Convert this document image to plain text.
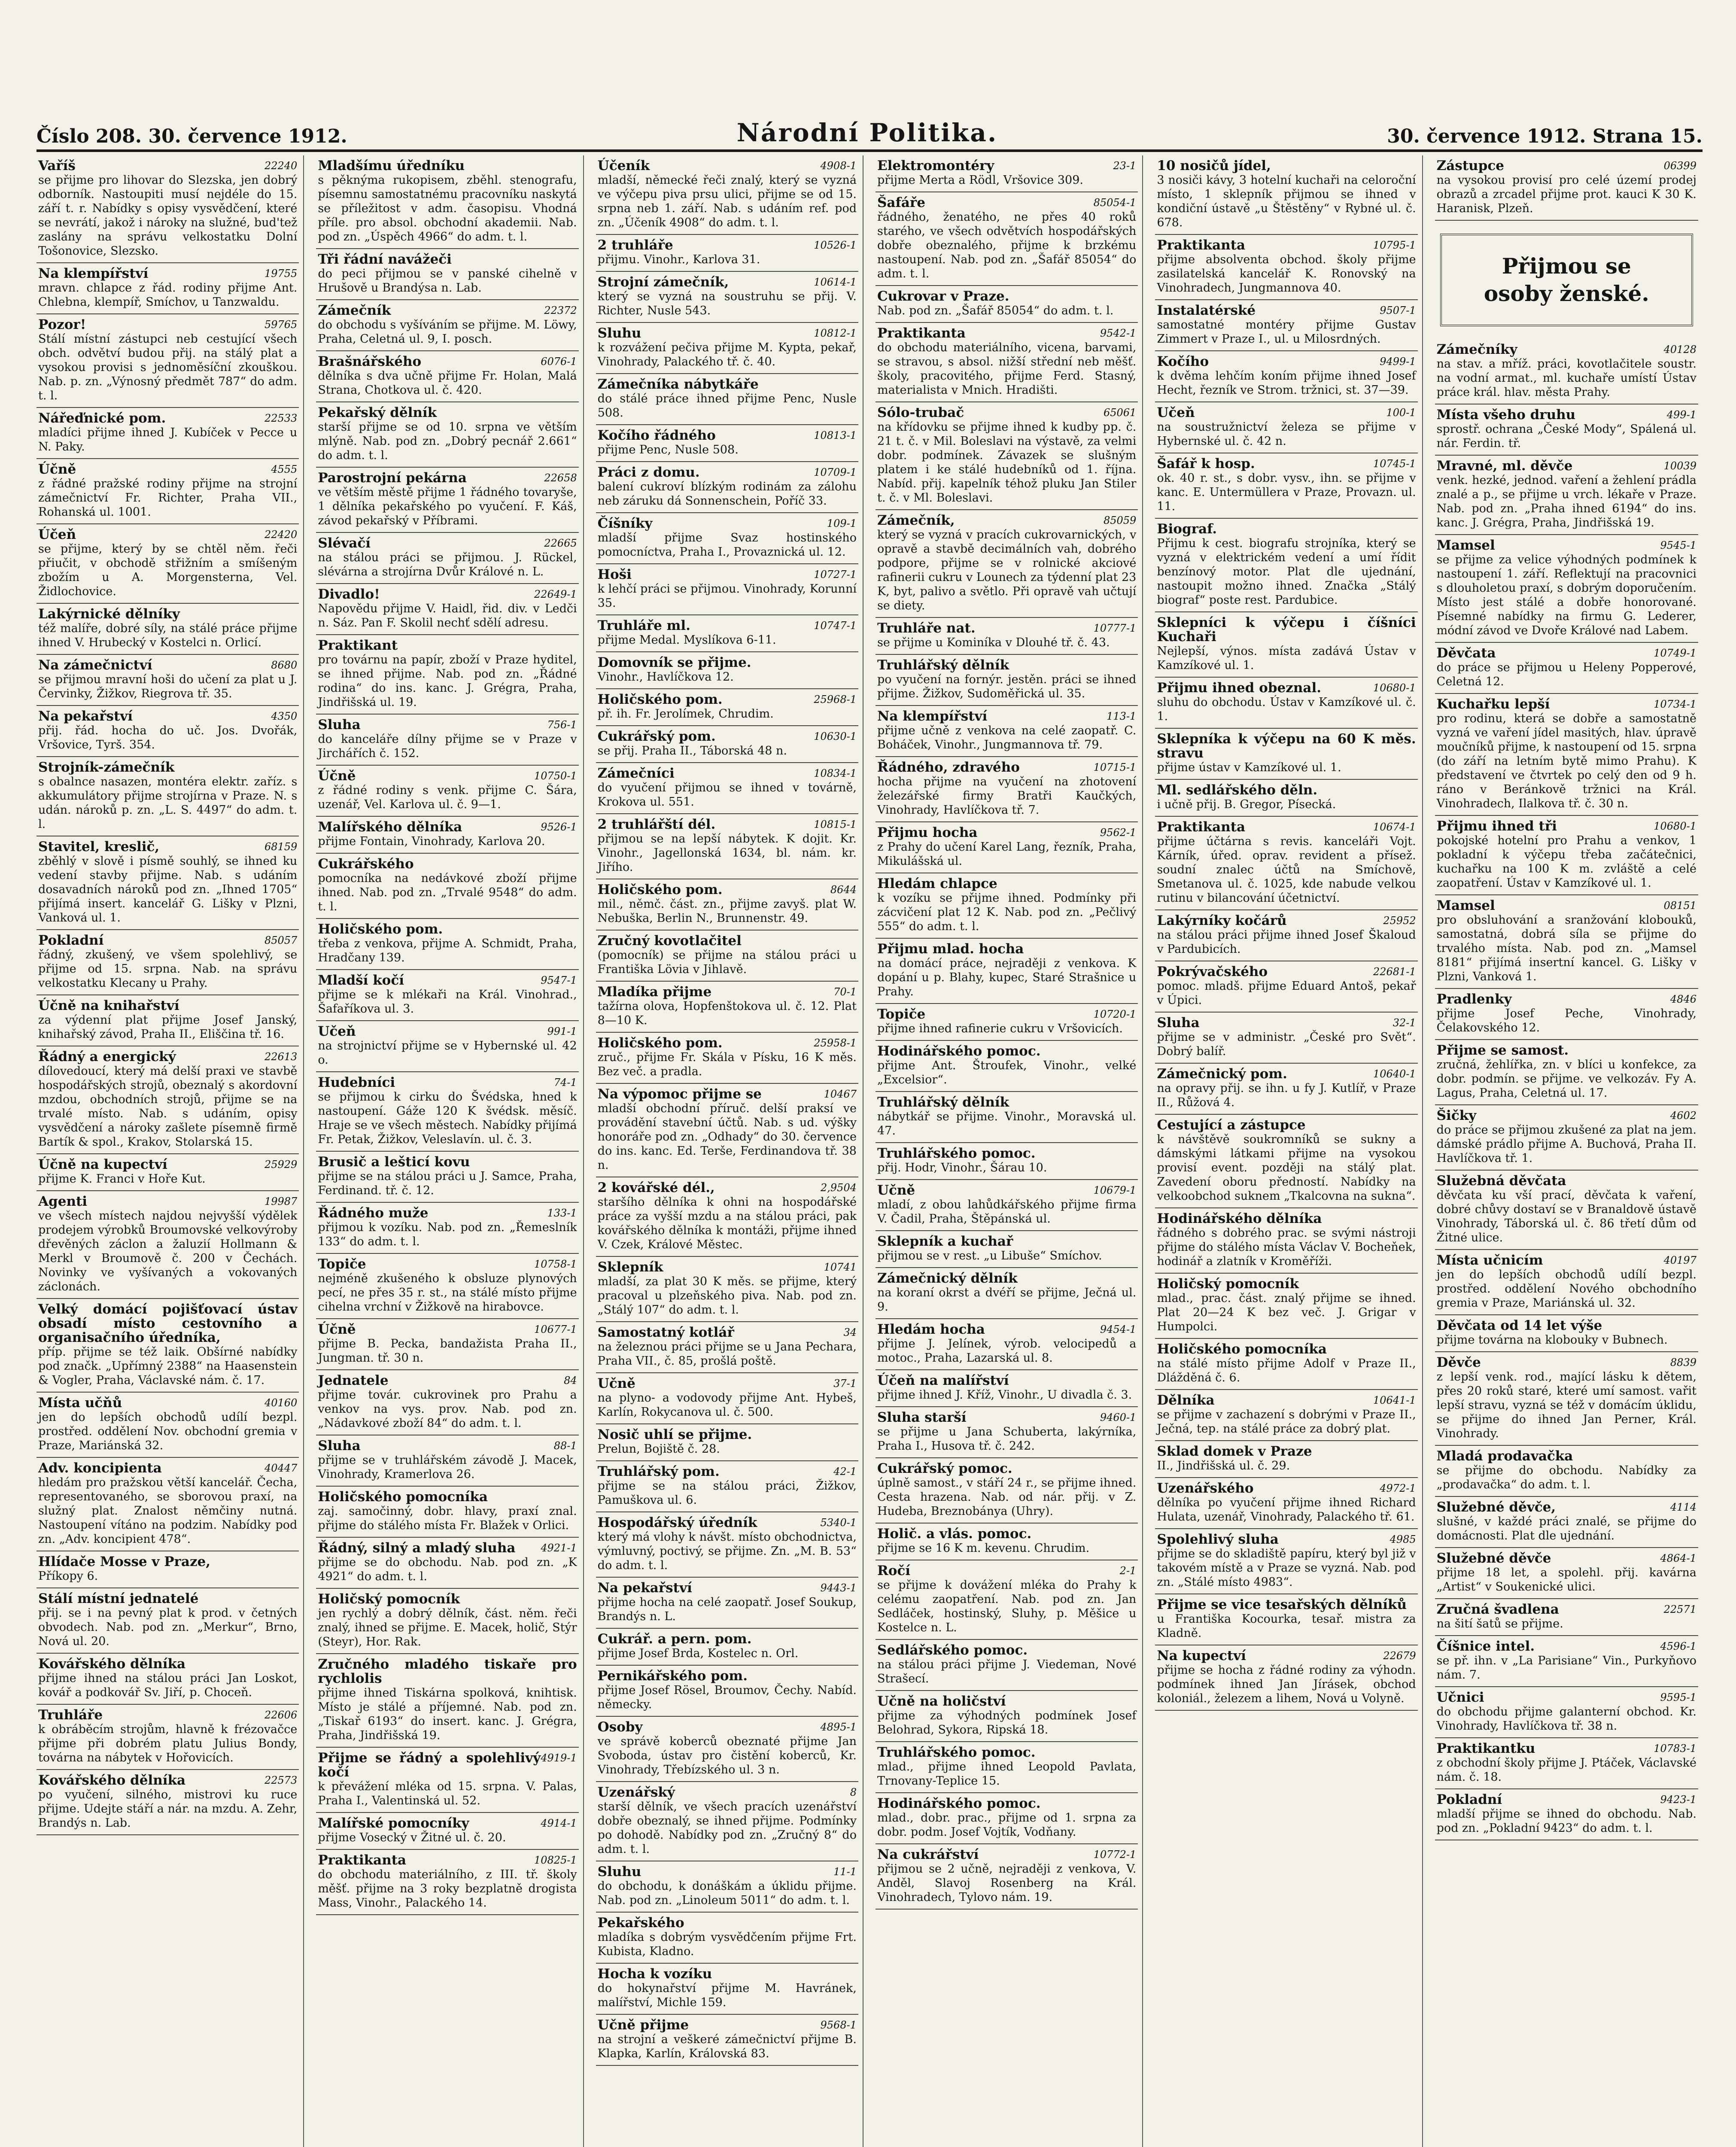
Číslo 208. 30. července 1912.	Národní Politika.	30. července 1912. Strana 15.
22240
Vaříš
se přijme pro lihovar do Slezska, jen dobrý odborník. Nastoupiti musí nejdéle do 15. září t. r. Nabídky s opisy vysvědčení, které se nevrátí, jakož i nároky na služné, bud'tež zaslány na správu velkostatku Dolní Tošonovice, Slezsko.
19755
Na klempířství
mravn. chlapce z řád. rodiny přijme Ant. Chlebna, klempíř, Smíchov, u Tanzwaldu.
59765
Pozor!
Stálí místní zástupci neb cestující všech obch. odvětví budou přij. na stálý plat a vysokou provisi s jednoměsíční zkouškou. Nab. p. zn. „Výnosný předmět 787“ do adm. t. l.
22533
Nářeďnické pom.
mladíci přijme ihned J. Kubíček v Pecce u N. Paky.
4555
Účně
z řádné pražské rodiny přijme na strojní zámečnictví Fr. Richter, Praha VII., Rohanská ul. 1001.
22420
Účeň
se přijme, který by se chtěl něm. řeči přiučit, v obchodě střižním a smíšeným zbožím u A. Morgensterna, Vel. Židlochovice.
Lakýrnické dělníky
též malíře, dobré síly, na stálé práce přijme ihned V. Hrubecký v Kostelci n. Orlicí.
8680
Na zámečnictví
se přijmou mravní hoši do učení za plat u J. Červinky, Žižkov, Riegrova tř. 35.
4350
Na pekařství
přij. řád. hocha do uč. Jos. Dvořák, Vršovice, Tyrš. 354.
Strojník-zámečník
s obalnce nasazen, montéra elektr. zaříz. s akkumulátory přijme strojírna v Praze. N. s udán. nároků p. zn. „L. S. 4497“ do adm. t. l.
68159
Stavitel, kreslič,
zběhlý v slově i písmě souhlý, se ihned ku vedení stavby přijme. Nab. s udáním dosavadních nároků pod zn. „Ihned 1705“ přijímá insert. kancelář G. Lišky v Plzni, Vanková ul. 1.
85057
Pokladní
řádný, zkušený, ve všem spolehlivý, se přijme od 15. srpna. Nab. na správu velkostatku Klecany u Prahy.
Účně na knihařství
za výdenní plat přijme Josef Janský, knihařský závod, Praha II., Eliščina tř. 16.
22613
Řádný a energický
dílovedoucí, který má delší praxi ve stavbě hospodářských strojů, obeznalý s akordovní mzdou, obchodních strojů, přijme se na trvalé místo. Nab. s udáním, opisy vysvědčení a nároky zašlete písemně firmě Bartík & spol., Krakov, Stolarská 15.
25929
Účně na kupectví
přijme K. Franci v Hoře Kut.
19987
Agenti
ve všech místech najdou nejvyšší výdělek prodejem výrobků Broumovské velkovýroby dřevěných záclon a žaluzií Hollmann & Merkl v Broumově č. 200 v Čechách. Novinky ve vyšívaných a vokovaných záclonách.
Velký domácí pojišťovací ústav obsadí místo cestovního a organisačního úředníka,
příp. přijme se též laik. Obšírné nabídky pod značk. „Upřímný 2388“ na Haasenstein & Vogler, Praha, Václavské nám. č. 17.
40160
Místa učňů
jen do lepších obchodů udílí bezpl. prostřed. oddělení Nov. obchodní gremia v Praze, Mariánská 32.
40447
Adv. koncipienta
hledám pro pražskou větší kancelář. Čecha, representovaného, se sborovou praxí, na služný plat. Znalost němčiny nutná. Nastoupení vítáno na podzim. Nabídky pod zn. „Adv. koncipient 478“.
Hlídače Mosse v Praze,
Příkopy 6.
Stálí místní jednatelé
přij. se i na pevný plat k prod. v četných obvodech. Nab. pod zn. „Merkur“, Brno, Nová ul. 20.
Kovářského dělníka
přijme ihned na stálou práci Jan Loskot, kovář a podkovář Sv. Jiří, p. Choceň.
22606
Truhláře
k obráběcím strojům, hlavně k frézovačce přijme při dobrém platu Julius Bondy, továrna na nábytek v Hořovicích.
22573
Kovářského dělníka
po vyučení, silného, mistrovi ku ruce přijme. Udejte stáří a nár. na mzdu. A. Zehr, Brandýs n. Lab.
Mladšímu úředníku
s pěknýma rukopisem, zběhl. stenografu, písemnu samostatnému pracovníku naskytá se příležitost v adm. časopisu. Vhodná příle. pro absol. obchodní akademii. Nab. pod zn. „Úspěch 4966“ do adm. t. l.
Tři řádní navážeči
do peci přijmou se v panské cihelně v Hrušově u Brandýsa n. Lab.
22372
Zámečník
do obchodu s vyšíváním se přijme. M. Löwy, Praha, Celetná ul. 9, I. posch.
6076-1
Brašnářského
dělníka s dva učně přijme Fr. Holan, Malá Strana, Chotkova ul. č. 420.
Pekařský dělník
starší přijme se od 10. srpna ve větším mlýně. Nab. pod zn. „Dobrý pecnář 2.661“ do adm. t. l.
22658
Parostrojní pekárna
ve větším městě přijme 1 řádného tovaryše, 1 dělníka pekařského po vyučení. F. Káš, závod pekařský v Příbrami.
22665
Slévačí
na stálou práci se přijmou. J. Rückel, slévárna a strojírna Dvůr Králové n. L.
22649-1
Divadlo!
Napovědu přijme V. Haidl, řid. div. v Ledči n. Sáz. Pan F. Skolil nechť sdělí adresu.
Praktikant
pro továrnu na papír, zboží v Praze hyditel, se ihned přijme. Nab. pod zn. „Řádné rodina“ do ins. kanc. J. Grégra, Praha, Jindřišská ul. 19.
756-1
Sluha
do kanceláře dílny přijme se v Praze v Jirchářích č. 152.
10750-1
Účně
z řádné rodiny s venk. přijme C. Šára, uzenář, Vel. Karlova ul. č. 9—1.
9526-1
Malířského dělníka
přijme Fontain, Vinohrady, Karlova 20.
Cukrářského
pomocníka na nedávkové zboží přijme ihned. Nab. pod zn. „Trvalé 9548“ do adm. t. l.
Holičského pom.
třeba z venkova, přijme A. Schmidt, Praha, Hradčany 139.
9547-1
Mladší kočí
přijme se k mlékaři na Král. Vinohrad., Šafaříkova ul. 3.
991-1
Učeň
na strojnictví přijme se v Hybernské ul. 42 o.
74-1
Hudebníci
se přijmou k cirku do Švédska, hned k nastoupení. Gáže 120 K švédsk. měsíč. Hraje se ve všech městech. Nabídky přijímá Fr. Petak, Žižkov, Veleslavín. ul. č. 3.
Brusič a lešticí kovu
přijme se na stálou práci u J. Samce, Praha, Ferdinand. tř. č. 12.
133-1
Řádného muže
přijmou k vozíku. Nab. pod zn. „Řemeslník 133“ do adm. t. l.
10758-1
Topiče
nejméně zkušeného k obsluze plynových pecí, ne přes 35 r. st., na stálé místo přijme cihelna vrchní v Žižkově na hirabovce.
10677-1
Účně
přijme B. Pecka, bandažista Praha II., Jungman. tř. 30 n.
84
Jednatele
přijme továr. cukrovinek pro Prahu a venkov na vys. prov. Nab. pod zn. „Nádavkové zboží 84“ do adm. t. l.
88-1
Sluha
přijme se v truhlářském závodě J. Macek, Vinohrady, Kramerlova 26.
Holičského pomocníka
zaj. samočinný, dobr. hlavy, praxí znal. přijme do stálého místa Fr. Blažek v Orlici.
4921-1
Řádný, silný a mladý sluha
přijme se do obchodu. Nab. pod zn. „K 4921“ do adm. t. l.
Holičský pomocník
jen rychlý a dobrý dělník, část. něm. řeči znalý, ihned se přijme. E. Macek, holič, Stýr (Steyr), Hor. Rak.
Zručného mladého tiskaře pro rychlolis
přijme ihned Tiskárna spolková, knihtisk. Místo je stálé a příjemné. Nab. pod zn. „Tiskař 6193“ do insert. kanc. J. Grégra, Praha, Jindřišská 19.
4919-1
Přijme se řádný a spolehlivý kočí
k převážení mléka od 15. srpna. V. Palas, Praha I., Valentinská ul. 52.
4914-1
Malířské pomocníky
přijme Vosecký v Žitné ul. č. 20.
10825-1
Praktikanta
do obchodu materiálního, z III. tř. školy měšť. přijme na 3 roky bezplatně drogista Mass, Vinohr., Palackého 14.
4908-1
Účeník
mladší, německé řeči znalý, který se vyzná ve výčepu piva prsu ulici, přijme se od 15. srpna neb 1. září. Nab. s udáním ref. pod zn. „Účeník 4908“ do adm. t. l.
10526-1
2 truhláře
přijmu. Vinohr., Karlova 31.
10614-1
Strojní zámečník,
který se vyzná na soustruhu se přij. V. Richter, Nusle 543.
10812-1
Sluhu
k rozvážení pečiva přijme M. Kypta, pekař, Vinohrady, Palackého tř. č. 40.
Zámečníka nábytkáře
do stálé práce ihned přijme Penc, Nusle 508.
10813-1
Kočího řádného
přijme Penc, Nusle 508.
10709-1
Práci z domu.
balení cukroví blízkým rodinám za zálohu neb záruku dá Sonnenschein, Poříč 33.
109-1
Číšníky
mladší přijme Svaz hostinského pomocníctva, Praha I., Provaznická ul. 12.
10727-1
Hoši
k lehčí práci se přijmou. Vinohrady, Korunní 35.
10747-1
Truhláře ml.
přijme Medal. Myslíkova 6-11.
Domovník se přijme.
Vinohr., Havlíčkova 12.
25968-1
Holičského pom.
př. ih. Fr. Jerolímek, Chrudim.
10630-1
Cukrářský pom.
se přij. Praha II., Táborská 48 n.
10834-1
Zámečníci
do vyučení přijmou se ihned v továrně, Krokova ul. 551.
10815-1
2 truhlářští dél.
přijmou se na lepší nábytek. K dojit. Kr. Vinohr., Jagellonská 1634, bl. nám. kr. Jiřího.
8644
Holičského pom.
mil., němč. část. zn., přijme zavyš. plat W. Nebuška, Berlin N., Brunnenstr. 49.
Zručný kovotlačitel
(pomocník) se přijme na stálou práci u Františka Lövia v Jihlavě.
70-1
Mladíka přijme
tažírna olova, Hopfenštokova ul. č. 12. Plat 8—10 K.
25958-1
Holičského pom.
zruč., přijme Fr. Skála v Písku, 16 K měs. Bez več. a pradla.
10467
Na výpomoc přijme se
mladší obchodní příruč. delší praksí ve provádění stavební účtů. Nab. s ud. výšky honoráře pod zn. „Odhady“ do 30. července do ins. kanc. Ed. Terše, Ferdinandova tř. 38 n.
2,9504
2 kovářské dél.,
staršího dělníka k ohni na hospodářské práce za vyšší mzdu a na stálou práci, pak kovářského dělníka k montáži, přijme ihned V. Czek, Králové Městec.
10741
Sklepník
mladší, za plat 30 K měs. se přijme, který pracoval u plzeňského piva. Nab. pod zn. „Stálý 107“ do adm. t. l.
34
Samostatný kotlář
na železnou práci přijme se u Jana Pechara, Praha VII., č. 85, prošlá poště.
37-1
Učně
na plyno- a vodovody přijme Ant. Hybeš, Karlín, Rokycanova ul. č. 500.
Nosič uhlí se přijme.
Prelun, Bojiště č. 28.
42-1
Truhlářský pom.
přijme se na stálou práci, Žižkov, Pamuškova ul. 6.
5340-1
Hospodářský úředník
který má vlohy k návšt. místo obchodnictva, výmluvný, poctivý, se přijme. Zn. „M. B. 53“ do adm. t. l.
9443-1
Na pekařství
přijme hocha na celé zaopatř. Josef Soukup, Brandýs n. L.
Cukrář. a pern. pom.
přijme Josef Brda, Kostelec n. Orl.
Pernikářského pom.
přijme Josef Rösel, Broumov, Čechy. Nabíd. německy.
4895-1
Osoby
ve správě koberců obeznaté přijme Jan Svoboda, ústav pro čistění koberců, Kr. Vinohrady, Třebízského ul. 3 n.
8
Uzenářský
starší dělník, ve všech pracích uzenářství dobře obeznalý, se ihned přijme. Podmínky po dohodě. Nabídky pod zn. „Zručný 8“ do adm. t. l.
11-1
Sluhu
do obchodu, k donáškám a úklidu přijme. Nab. pod zn. „Linoleum 5011“ do adm. t. l.
Pekařského
mladíka s dobrým vysvědčením přijme Frt. Kubista, Kladno.
Hocha k vozíku
do hokynařství přijme M. Havránek, malířství, Michle 159.
9568-1
Učně přijme
na strojní a veškeré zámečnictví přijme B. Klapka, Karlín, Královská 83.
23-1
Elektromontéry
přijme Merta a Rödl, Vršovice 309.
85054-1
Šafáře
řádného, ženatého, ne přes 40 roků starého, ve všech odvětvích hospodářských dobře obeznalého, přijme k brzkému nastoupení. Nab. pod zn. „Šafář 85054“ do adm. t. l.
Cukrovar v Praze.
Nab. pod zn. „Šafář 85054“ do adm. t. l.
9542-1
Praktikanta
do obchodu materiálního, vicena, barvami, se stravou, s absol. nižší střední neb měšť. školy, pracovitého, přijme Ferd. Stasný, materialista v Mnich. Hradišti.
65061
Sólo-trubač
na křídovku se přijme ihned k kudby pp. č. 21 t. č. v Mil. Boleslavi na výstavě, za velmi dobr. podmínek. Závazek se slušným platem i ke stálé hudebníků od 1. října. Nabíd. přij. kapelník téhož pluku Jan Stiler t. č. v Ml. Boleslavi.
85059
Zámečník,
který se vyzná v pracích cukrovarnických, v opravě a stavbě decimálních vah, dobrého podpore, přijme se v rolnické akciové rafinerii cukru v Lounech za týdenní plat 23 K, byt, palivo a světlo. Při opravě vah učtují se diety.
10777-1
Truhláře nat.
se přijme u Kominíka v Dlouhé tř. č. 43.
Truhlářský dělník
po vyučení na fornýr. jestěn. práci se ihned přijme. Žižkov, Sudoměřická ul. 35.
113-1
Na klempířství
přijme učně z venkova na celé zaopatř. C. Boháček, Vinohr., Jungmannova tř. 79.
10715-1
Řádného, zdravého
hocha přijme na vyučení na zhotovení železářské firmy Bratři Kaučkých, Vinohrady, Havlíčkova tř. 7.
9562-1
Přijmu hocha
z Prahy do učení Karel Lang, řezník, Praha, Mikulášská ul.
Hledám chlapce
k vozíku se přijme ihned. Podmínky při zácvičení plat 12 K. Nab. pod zn. „Pečlivý 555“ do adm. t. l.
Přijmu mlad. hocha
na domácí práce, nejraději z venkova. K dopání u p. Blahy, kupec, Staré Strašnice u Prahy.
10720-1
Topiče
přijme ihned rafinerie cukru v Vršovicích.
Hodinářského pomoc.
přijme Ant. Štroufek, Vinohr., velké „Excelsior“.
Truhlářský dělník
nábytkář se přijme. Vinohr., Moravská ul. 47.
Truhlářského pomoc.
přij. Hodr, Vinohr., Šárau 10.
10679-1
Učně
mladí, z obou lahůdkářského přijme firma V. Čadil, Praha, Štěpánská ul.
Sklepník a kuchař
přijmou se v rest. „u Libuše“ Smíchov.
Zámečnický dělník
na koraní okrst a dvéří se přijme, Ječná ul. 9.
9454-1
Hledám hocha
přijme J. Jelínek, výrob. velocipedů a motoc., Praha, Lazarská ul. 8.
Účeň na malířství
přijme ihned J. Kříž, Vinohr., U divadla č. 3.
9460-1
Sluha starší
se přijme u Jana Schuberta, lakýrníka, Praha I., Husova tř. č. 242.
Cukrářský pomoc.
úplně samost., v stáří 24 r., se přijme ihned. Cesta hrazena. Nab. od nár. přij. v Z. Hudeba, Breznobánya (Uhry).
Holič. a vlás. pomoc.
přijme se 16 K m. kevenu. Chrudim.
2-1
Ročí
se přijme k dovážení mléka do Prahy k celému zaopatření. Nab. pod zn. Jan Sedláček, hostinský, Sluhy, p. Měšice u Kostelce n. L.
Sedlářského pomoc.
na stálou práci přijme J. Viedeman, Nové Strašecí.
Učně na holičství
přijme za výhodných podmínek Josef Belohrad, Sykora, Ripská 18.
Truhlářského pomoc.
mlad., přijme ihned Leopold Pavlata, Trnovany-Teplice 15.
Hodinářského pomoc.
mlad., dobr. prac., přijme od 1. srpna za dobr. podm. Josef Vojtík, Vodňany.
10772-1
Na cukrářství
přijmou se 2 učně, nejraději z venkova, V. Anděl, Slavoj Rosenberg na Král. Vinohradech, Tylovo nám. 19.
10 nosičů jídel,
3 nosiči kávy, 3 hotelní kuchaři na celoroční místo, 1 sklepník přijmou se ihned v kondiční ústavě „u Štěstěny“ v Rybné ul. č. 678.
10795-1
Praktikanta
přijme absolventa obchod. školy přijme zasilatelská kancelář K. Ronovský na Vinohradech, Jungmannova 40.
9507-1
Instalatérské
samostatné montéry přijme Gustav Zimmert v Praze I., ul. u Milosrdných.
9499-1
Kočího
k dvěma lehčím koním přijme ihned Josef Hecht, řezník ve Strom. tržnici, st. 37—39.
100-1
Učeň
na soustružnictví železa se přijme v Hybernské ul. č. 42 n.
10745-1
Šafář k hosp.
ok. 40 r. st., s dobr. vysv., ihn. se přijme v kanc. E. Untermüllera v Praze, Provazn. ul. 11.
Biograf.
Přijmu k cest. biografu strojníka, který se vyzná v elektrickém vedení a umí řídit benzínový motor. Plat dle ujednání, nastoupit možno ihned. Značka „Stálý biograf“ poste rest. Pardubice.
Sklepníci k výčepu i číšníci Kuchaři
Nejlepší, výnos. místa zadává Ústav v Kamzíkové ul. 1.
10680-1
Přijmu ihned obeznal.
sluhu do obchodu. Ústav v Kamzíkové ul. č. 1.
Sklepníka k výčepu na 60 K měs. stravu
přijme ústav v Kamzíkové ul. 1.
Ml. sedlářského děln.
i učně přij. B. Gregor, Písecká.
10674-1
Praktikanta
přijme účtárna s revis. kanceláři Vojt. Kárník, úřed. oprav. revident a přísež. soudní znalec účtů na Smíchově, Smetanova ul. č. 1025, kde nabude velkou rutinu v bilancování účetnictví.
25952
Lakýrníky kočárů
na stálou práci přijme ihned Josef Škaloud v Pardubicích.
22681-1
Pokrývačského
pomoc. mladš. přijme Eduard Antoš, pekař v Úpici.
32-1
Sluha
přijme se v administr. „České pro Svět“. Dobrý balíř.
10640-1
Zámečnický pom.
na opravy přij. se ihn. u fy J. Kutlíř, v Praze II., Růžová 4.
Cestující a zástupce
k návštěvě soukromníků se sukny a dámskými látkami přijme na vysokou provisí event. později na stálý plat. Zavedení oboru předností. Nabídky na velkoobchod suknem „Tkalcovna na sukna“.
Hodinářského dělníka
řádného s dobrého prac. se svými nástroji přijme do stálého místa Václav V. Bocheňek, hodinář a zlatník v Kroměříži.
Holičský pomocník
mlad., prac. část. znalý přijme se ihned. Plat 20—24 K bez več. J. Grigar v Humpolci.
Holičského pomocníka
na stálé místo přijme Adolf v Praze II., Dlážděná č. 6.
10641-1
Dělníka
se přijme v zachazení s dobrými v Praze II., Ječná, tep. na stálé práce za dobrý plat.
Sklad domek v Praze
II., Jindřišská ul. č. 29.
4972-1
Uzenářského
dělníka po vyučení přijme ihned Richard Hulata, uzenář, Vinohrady, Palackého tř. 61.
4985
Spolehlivý sluha
přijme se do skladiště papíru, který byl již v takovém místě a v Praze se vyzná. Nab. pod zn. „Stálé místo 4983“.
Přijme se vice tesařských dělníků
u Františka Kocourka, tesař. mistra za Kladně.
22679
Na kupectví
přijme se hocha z řádné rodiny za výhodn. podmínek ihned Jan Jírásek, obchod koloniál., železem a lihem, Nová u Volyně.
06399
Zástupce
na vysokou provisí pro celé území prodej obrazů a zrcadel přijme prot. kauci K 30 K. Haranisk, Plzeň.
Přijmou se
osoby ženské.
40128
Zámečníky
na stav. a mříž. práci, kovotlačitele soustr. na vodní armat., ml. kuchaře umístí Ústav práce král. hlav. města Prahy.
499-1
Místa všeho druhu
sprostř. ochrana „České Mody“, Spálená ul. nár. Ferdin. tř.
10039
Mravné, ml. děvče
venk. hezké, jednod. vaření a žehlení prádla znalé a p., se přijme u vrch. lékaře v Praze. Nab. pod zn. „Praha ihned 6194“ do ins. kanc. J. Grégra, Praha, Jindřišská 19.
9545-1
Mamsel
se přijme za velice výhodných podmínek k nastoupení 1. září. Reflektují na pracovnici s dlouholetou praxí, s dobrým doporučením. Místo jest stálé a dobře honorované. Písemné nabídky na firmu G. Lederer, módní závod ve Dvoře Králové nad Labem.
10749-1
Děvčata
do práce se přijmou u Heleny Popperové, Celetná 12.
10734-1
Kuchařku lepší
pro rodinu, která se dobře a samostatně vyzná ve vaření jídel masitých, hlav. úpravě moučníků přijme, k nastoupení od 15. srpna (do září na letním bytě mimo Prahu). K představení ve čtvrtek po celý den od 9 h. ráno v Beránkově tržnici na Král. Vinohradech, Ilalkova tř. č. 30 n.
10680-1
Přijmu ihned tři
pokojské hotelní pro Prahu a venkov, 1 pokladní k výčepu třeba začátečnici, kuchařku na 100 K m. zvláště a celé zaopatření. Ústav v Kamzíkové ul. 1.
08151
Mamsel
pro obsluhování a sranžování klobouků, samostatná, dobrá síla se přijme do trvalého místa. Nab. pod zn. „Mamsel 8181“ přijímá insertní kancel. G. Lišky v Plzni, Vanková 1.
4846
Pradlenky
přijme Josef Peche, Vinohrady, Čelakovského 12.
Přijme se samost.
zručná, žehlířka, zn. v blíci u konfekce, za dobr. podmín. se přijme. ve velkozáv. Fy A. Lagus, Praha, Celetná ul. 17.
4602
Šičky
do práce se přijmou zkušené za plat na jem. dámské prádlo přijme A. Buchová, Praha II. Havlíčkova tř. 1.
Služebná děvčata
děvčata ku vší prací, děvčata k vaření, dobré chůvy dostaví se v Branaldově ústavě Vinohrady, Táborská ul. č. 86 třetí dům od Žitné ulice.
40197
Místa učnicím
jen do lepších obchodů udílí bezpl. prostřed. oddělení Nového obchodního gremia v Praze, Mariánská ul. 32.
Děvčata od 14 let výše
přijme továrna na klobouky v Bubnech.
8839
Děvče
z lepší venk. rod., mající lásku k dětem, přes 20 roků staré, které umí samost. vařit lepší stravu, vyzná se též v domácím úklidu, se přijme do ihned Jan Perner, Král. Vinohrady.
Mladá prodavačka
se přijme do obchodu. Nabídky za „prodavačka“ do adm. t. l.
4114
Služebné děvče,
slušné, v každé práci znalé, se přijme do domácnosti. Plat dle ujednání.
4864-1
Služebné děvče
přijme 18 let, a spolehl. přij. kavárna „Artist“ v Soukenické ulici.
22571
Zručná švadlena
na šití šatů se přijme.
4596-1
Číšnice intel.
se př. ihn. v „La Parisiane“ Vin., Purkyňovo nám. 7.
9595-1
Učnici
do obchodu přijme galanterní obchod. Kr. Vinohrady, Havlíčkova tř. 38 n.
10783-1
Praktikantku
z obchodní školy přijme J. Ptáček, Václavské nám. č. 18.
9423-1
Pokladní
mladší přijme se ihned do obchodu. Nab. pod zn. „Pokladní 9423“ do adm. t. l.
